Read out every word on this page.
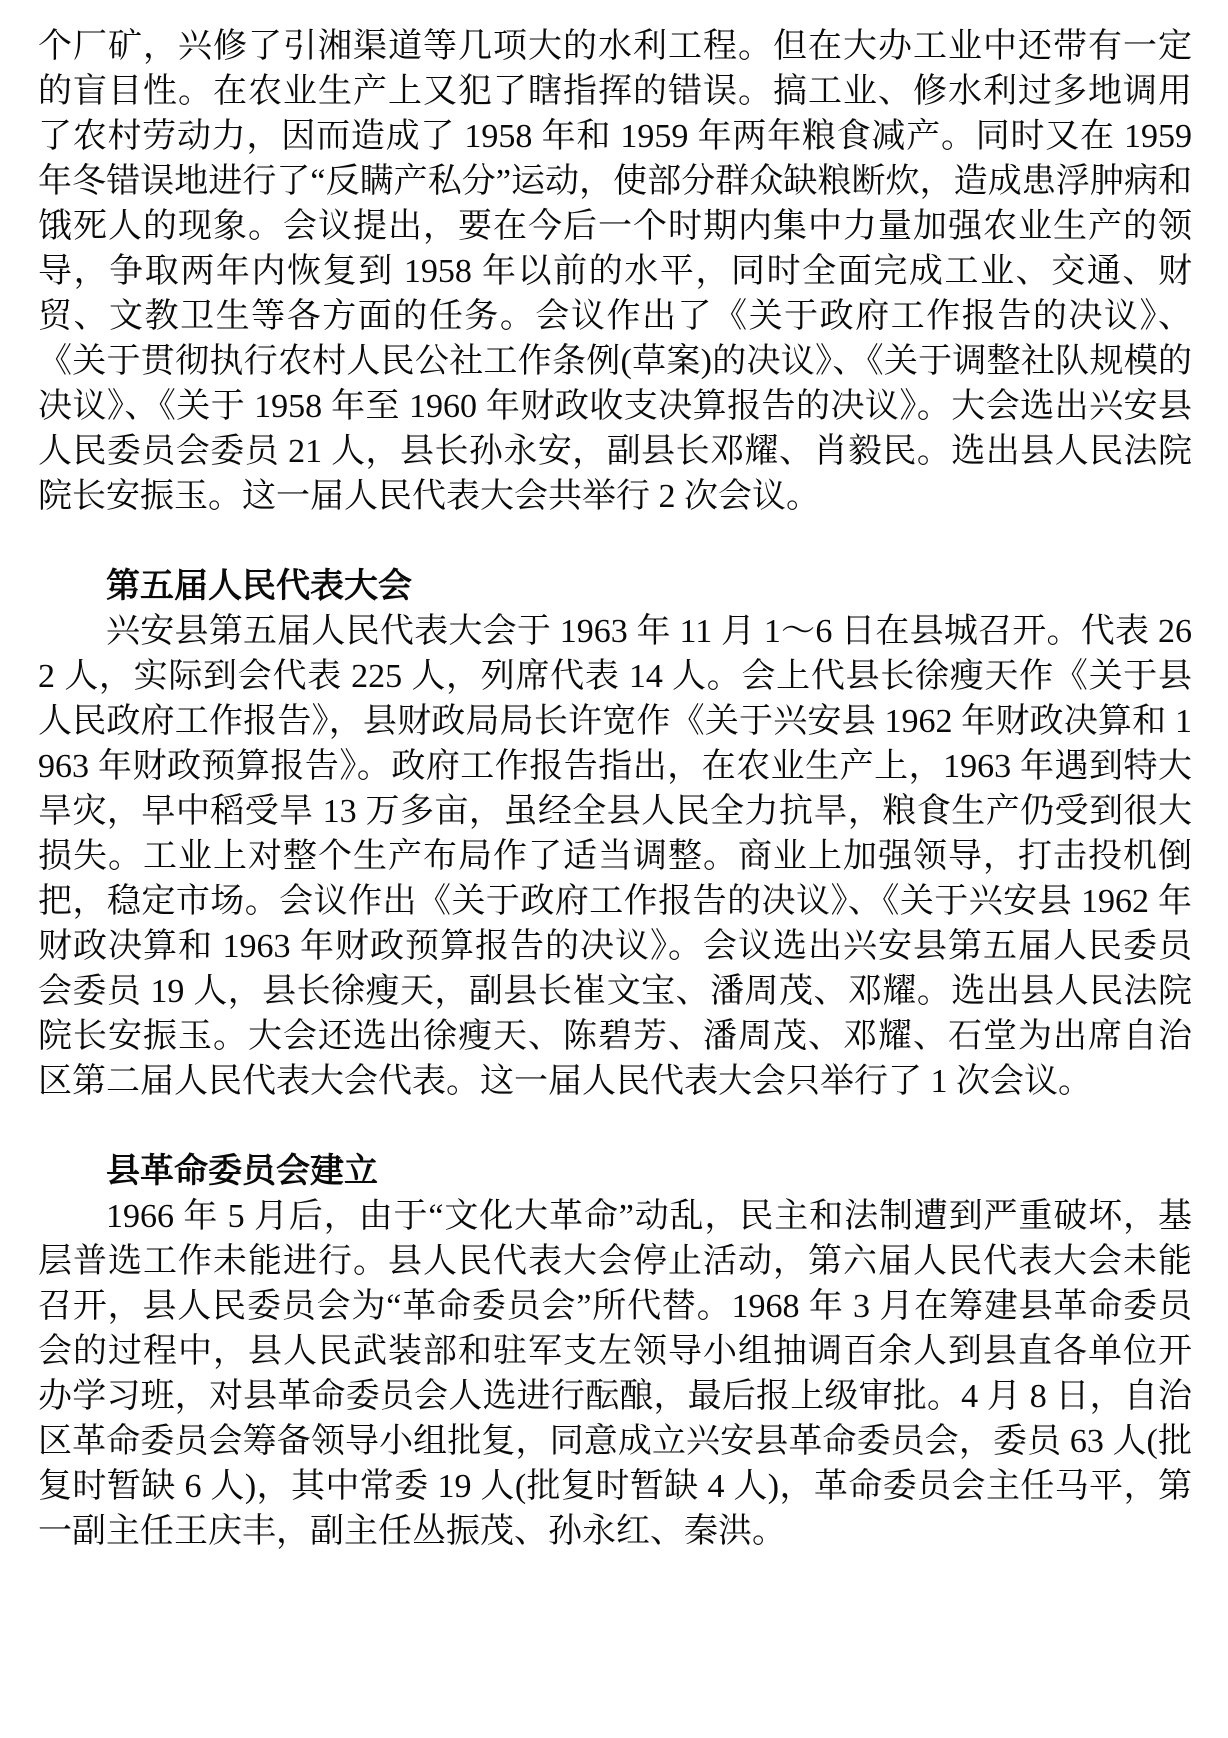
个厂矿，兴修了引湘渠道等几项大的水利工程。但在大办工业中还带有一定的盲目性。在农业生产上又犯了瞎指挥的错误。搞工业、修水利过多地调用了农村劳动力，因而造成了 1958 年和 1959 年两年粮食减产。同时又在 1959 年冬错误地进行了“反瞒产私分”运动，使部分群众缺粮断炊，造成患浮肿病和饿死人的现象。会议提出，要在今后一个时期内集中力量加强农业生产的领导，争取两年内恢复到 1958 年以前的水平，同时全面完成工业、交通、财贸、文教卫生等各方面的任务。会议作出了《关于政府工作报告的决议》、《关于贯彻执行农村人民公社工作条例(草案)的决议》、《关于调整社队规模的决议》、《关于 1958 年至 1960 年财政收支决算报告的决议》。大会选出兴安县人民委员会委员 21 人，县长孙永安，副县长邓耀、肖毅民。选出县人民法院院长安振玉。这一届人民代表大会共举行 2 次会议。

第五届人民代表大会

兴安县第五届人民代表大会于 1963 年 11 月 1～6 日在县城召开。代表 262 人，实际到会代表 225 人，列席代表 14 人。会上代县长徐瘦天作《关于县人民政府工作报告》，县财政局局长许宽作《关于兴安县 1962 年财政决算和 1963 年财政预算报告》。政府工作报告指出，在农业生产上，1963 年遇到特大旱灾，早中稻受旱 13 万多亩，虽经全县人民全力抗旱，粮食生产仍受到很大损失。工业上对整个生产布局作了适当调整。商业上加强领导，打击投机倒把，稳定市场。会议作出《关于政府工作报告的决议》、《关于兴安县 1962 年财政决算和 1963 年财政预算报告的决议》。会议选出兴安县第五届人民委员会委员 19 人，县长徐瘦天，副县长崔文宝、潘周茂、邓耀。选出县人民法院院长安振玉。大会还选出徐瘦天、陈碧芳、潘周茂、邓耀、石堂为出席自治区第二届人民代表大会代表。这一届人民代表大会只举行了 1 次会议。

县革命委员会建立

1966 年 5 月后，由于“文化大革命”动乱，民主和法制遭到严重破坏，基层普选工作未能进行。县人民代表大会停止活动，第六届人民代表大会未能召开，县人民委员会为“革命委员会”所代替。1968 年 3 月在筹建县革命委员会的过程中，县人民武装部和驻军支左领导小组抽调百余人到县直各单位开办学习班，对县革命委员会人选进行酝酿，最后报上级审批。4 月 8 日，自治区革命委员会筹备领导小组批复，同意成立兴安县革命委员会，委员 63 人(批复时暂缺 6 人)，其中常委 19 人(批复时暂缺 4 人)，革命委员会主任马平，第一副主任王庆丰，副主任丛振茂、孙永红、秦洪。
